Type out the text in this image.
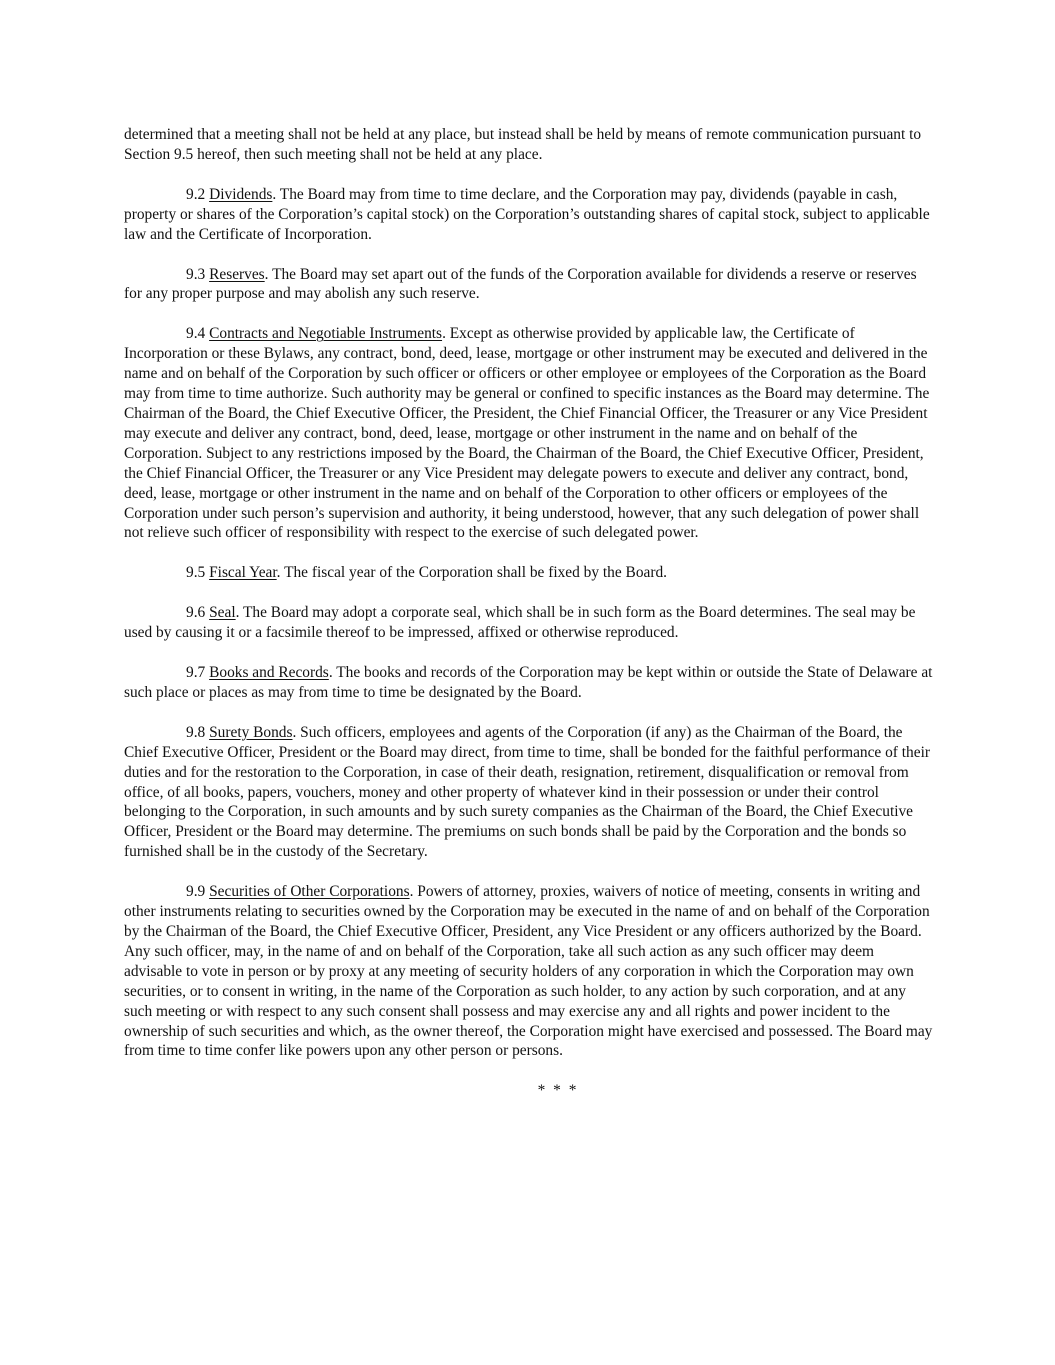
determined that a meeting shall not be held at any place, but instead shall be held by means of remote communication pursuant to Section 9.5 hereof, then such meeting shall not be held at any place.

9.2 Dividends. The Board may from time to time declare, and the Corporation may pay, dividends (payable in cash, property or shares of the Corporation’s capital stock) on the Corporation’s outstanding shares of capital stock, subject to applicable law and the Certificate of Incorporation.

9.3 Reserves. The Board may set apart out of the funds of the Corporation available for dividends a reserve or reserves for any proper purpose and may abolish any such reserve.

9.4 Contracts and Negotiable Instruments. Except as otherwise provided by applicable law, the Certificate of Incorporation or these Bylaws, any contract, bond, deed, lease, mortgage or other instrument may be executed and delivered in the name and on behalf of the Corporation by such officer or officers or other employee or employees of the Corporation as the Board may from time to time authorize. Such authority may be general or confined to specific instances as the Board may determine. The Chairman of the Board, the Chief Executive Officer, the President, the Chief Financial Officer, the Treasurer or any Vice President may execute and deliver any contract, bond, deed, lease, mortgage or other instrument in the name and on behalf of the Corporation. Subject to any restrictions imposed by the Board, the Chairman of the Board, the Chief Executive Officer, President, the Chief Financial Officer, the Treasurer or any Vice President may delegate powers to execute and deliver any contract, bond, deed, lease, mortgage or other instrument in the name and on behalf of the Corporation to other officers or employees of the Corporation under such person’s supervision and authority, it being understood, however, that any such delegation of power shall not relieve such officer of responsibility with respect to the exercise of such delegated power.

9.5 Fiscal Year. The fiscal year of the Corporation shall be fixed by the Board.

9.6 Seal. The Board may adopt a corporate seal, which shall be in such form as the Board determines. The seal may be used by causing it or a facsimile thereof to be impressed, affixed or otherwise reproduced.

9.7 Books and Records. The books and records of the Corporation may be kept within or outside the State of Delaware at such place or places as may from time to time be designated by the Board.

9.8 Surety Bonds. Such officers, employees and agents of the Corporation (if any) as the Chairman of the Board, the Chief Executive Officer, President or the Board may direct, from time to time, shall be bonded for the faithful performance of their duties and for the restoration to the Corporation, in case of their death, resignation, retirement, disqualification or removal from office, of all books, papers, vouchers, money and other property of whatever kind in their possession or under their control belonging to the Corporation, in such amounts and by such surety companies as the Chairman of the Board, the Chief Executive Officer, President or the Board may determine. The premiums on such bonds shall be paid by the Corporation and the bonds so furnished shall be in the custody of the Secretary.

9.9 Securities of Other Corporations. Powers of attorney, proxies, waivers of notice of meeting, consents in writing and other instruments relating to securities owned by the Corporation may be executed in the name of and on behalf of the Corporation by the Chairman of the Board, the Chief Executive Officer, President, any Vice President or any officers authorized by the Board. Any such officer, may, in the name of and on behalf of the Corporation, take all such action as any such officer may deem advisable to vote in person or by proxy at any meeting of security holders of any corporation in which the Corporation may own securities, or to consent in writing, in the name of the Corporation as such holder, to any action by such corporation, and at any such meeting or with respect to any such consent shall possess and may exercise any and all rights and power incident to the ownership of such securities and which, as the owner thereof, the Corporation might have exercised and possessed. The Board may from time to time confer like powers upon any other person or persons.

* * *
